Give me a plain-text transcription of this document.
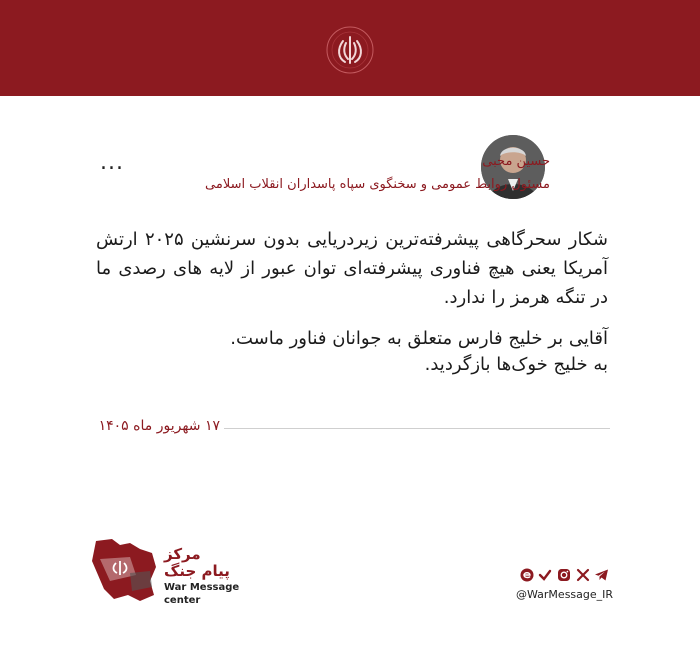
حسین محبی
مسئول روابط عمومی و سخنگوی سپاه پاسداران انقلاب اسلامی
...

شکار سحرگاهی پیشرفته‌ترین زیردریایی بدون سرنشین ۲۰۲۵ ارتش آمریکا یعنی هیچ فناوری پیشرفته‌ای توان عبور از لایه های رصدی ما در تنگه هرمز را ندارد.

آقایی بر خلیج فارس متعلق به جوانان فناور ماست.
به خلیج خوک‌ها بازگردید.
۱۷ شهریور ماه ۱۴۰۵
مرکز
پیام جنگ
War Message
center	@WarMessage_IR
